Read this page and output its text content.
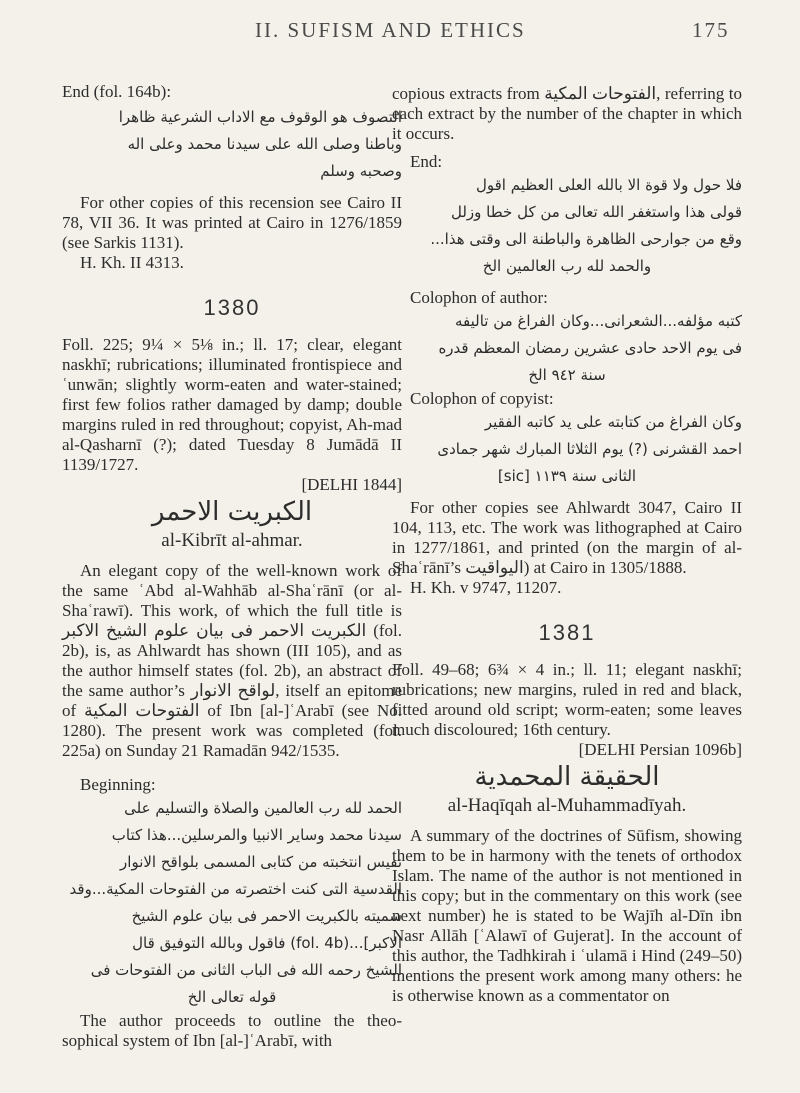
II. SUFISM AND ETHICS	175

End (fol. 164b):

التصوف هو الوقوف مع الاداب الشرعية ظاهرا

وباطنا وصلى الله على سيدنا محمد وعلى اله

وصحبه وسلم

For other copies of this recension see Cairo II 78, VII 36. It was printed at Cairo in 1276/1859 (see Sarkis 1131).

H. Kh. II 4313.

1380

Foll. 225; 9¼ × 5⅛ in.; ll. 17; clear, elegant naskhī; rubrications; illuminated frontispiece and ʿunwān; slightly worm-eaten and water-stained; first few folios rather damaged by damp; double margins ruled in red throughout; copyist, Ah-mad al-Qasharnī (?); dated Tuesday 8 Jumādā II 1139/1727.

[DELHI 1844]

الكبريت الاحمر

al-Kibrīt al-ahmar.

An elegant copy of the well-known work of the same ʿAbd al-Wahhāb al-Shaʿrānī (or al-Shaʿrawī). This work, of which the full title is الكبريت الاحمر فى بيان علوم الشيخ الاكبر (fol. 2b), is, as Ahlwardt has shown (III 105), and as the author himself states (fol. 2b), an abstract of the same author’s لواقح الانوار, itself an epitome of الفتوحات المكية of Ibn [al-]ʿArabī (see No. 1280). The present work was completed (fol. 225a) on Sunday 21 Ramadān 942/1535.

Beginning:

الحمد لله رب العالمين والصلاة والتسليم على

سيدنا محمد وساير الانبيا والمرسلين...هذا كتاب

نفيس انتخبته من كتابى المسمى بلواقح الانوار

القدسية التى كنت اختصرته من الفتوحات المكية...وقد

سميته بالكبريت الاحمر فى بيان علوم الشيخ

الاكبر]...(fol. 4b) فاقول وبالله التوفيق قال

الشيخ رحمه الله فى الباب الثانى من الفتوحات فى

قوله تعالى الخ

The author proceeds to outline the theo-sophical system of Ibn [al-]ʿArabī, with

copious extracts from الفتوحات المكية, referring to each extract by the number of the chapter in which it occurs.

End:

فلا حول ولا قوة الا بالله العلى العظيم اقول

قولى هذا واستغفر الله تعالى من كل خطا وزلل

وقع من جوارحى الظاهرة والباطنة الى وقتى هذا...

والحمد لله رب العالمين الخ

Colophon of author:

كتبه مؤلفه...الشعرانى...وكان الفراغ من تاليفه

فى يوم الاحد حادى عشرين رمضان المعظم قدره

سنة ٩٤٢ الخ

Colophon of copyist:

وكان الفراغ من كتابته على يد كاتبه الفقير

احمد القشرنى (?) يوم الثلاثا المبارك شهر جمادى

الثانى سنة ١١٣٩ [sic]

For other copies see Ahlwardt 3047, Cairo II 104, 113, etc. The work was lithographed at Cairo in 1277/1861, and printed (on the margin of al-Shaʿrānī’s اليواقيت) at Cairo in 1305/1888.

H. Kh. v 9747, 11207.

1381

Foll. 49–68; 6¾ × 4 in.; ll. 11; elegant naskhī; rubrications; new margins, ruled in red and black, fitted around old script; worm-eaten; some leaves much discoloured; 16th century.

[DELHI Persian 1096b]

الحقيقة المحمدية

al-Haqīqah al-Muhammadīyah.

A summary of the doctrines of Sūfism, showing them to be in harmony with the tenets of orthodox Islam. The name of the author is not mentioned in this copy; but in the commentary on this work (see next number) he is stated to be Wajīh al-Dīn ibn Nasr Allāh [ʿAlawī of Gujerat]. In the account of this author, the Tadhkirah i ʿulamā i Hind (249–50) mentions the present work among many others: he is otherwise known as a commentator on
